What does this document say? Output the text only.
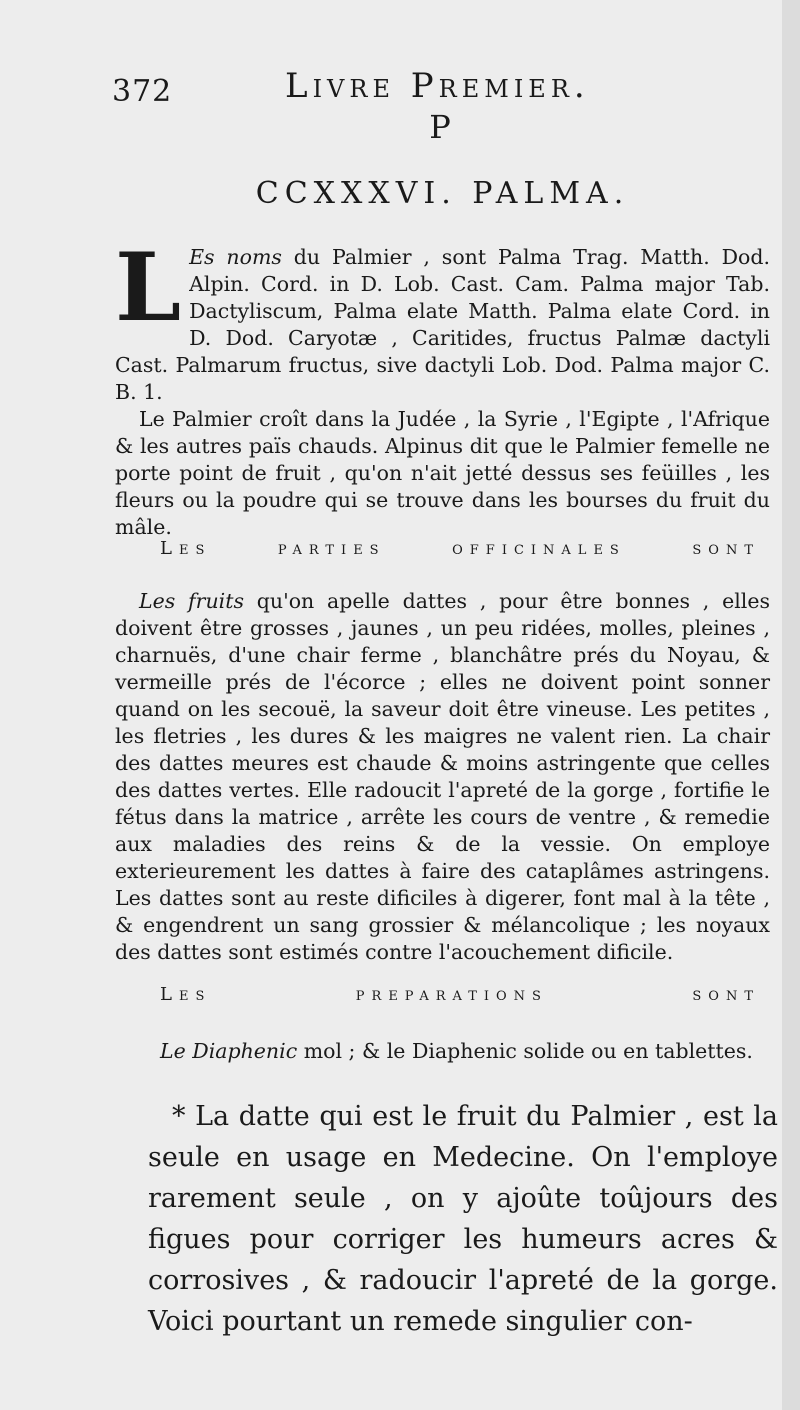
372	Livre Premier.
P
CCXXXVI. PALMA.

L Es noms du Palmier , sont Palma Trag. Matth. Dod. Alpin. Cord. in D. Lob. Cast. Cam. Palma major Tab. Dactyliscum, Palma elate Matth. Palma elate Cord. in D. Dod. Caryotæ , Caritides, fructus Palmæ dactyli Cast. Palmarum fructus, sive dactyli Lob. Dod. Palma major C. B. 1.

Le Palmier croît dans la Judée , la Syrie , l'Egipte , l'Afrique & les autres païs chauds. Alpinus dit que le Palmier femelle ne porte point de fruit , qu'on n'ait jetté dessus ses feüilles , les fleurs ou la poudre qui se trouve dans les bourses du fruit du mâle.

Les parties officinales sont

Les fruits qu'on apelle dattes , pour être bonnes , elles doivent être grosses , jaunes , un peu ridées, molles, pleines , charnuës, d'une chair ferme , blanchâtre prés du Noyau, & vermeille prés de l'écorce ; elles ne doivent point sonner quand on les secouë, la saveur doit être vineuse. Les petites , les fletries , les dures & les maigres ne valent rien. La chair des dattes meures est chaude & moins astringente que celles des dattes vertes. Elle radoucit l'apreté de la gorge , fortifie le fétus dans la matrice , arrête les cours de ventre , & remedie aux maladies des reins & de la vessie. On employe exterieurement les dattes à faire des cataplâmes astringens. Les dattes sont au reste dificiles à digerer, font mal à la tête , & engendrent un sang grossier & mélancolique ; les noyaux des dattes sont estimés contre l'acouchement dificile.

Les preparations sont
Le Diaphenic mol ; & le Diaphenic solide ou en tablettes.

* La datte qui est le fruit du Palmier , est la seule en usage en Medecine. On l'employe rarement seule , on y ajoûte toûjours des figues pour corriger les humeurs acres & corrosives , & radoucir l'apreté de la gorge. Voici pourtant un remede singulier con-
